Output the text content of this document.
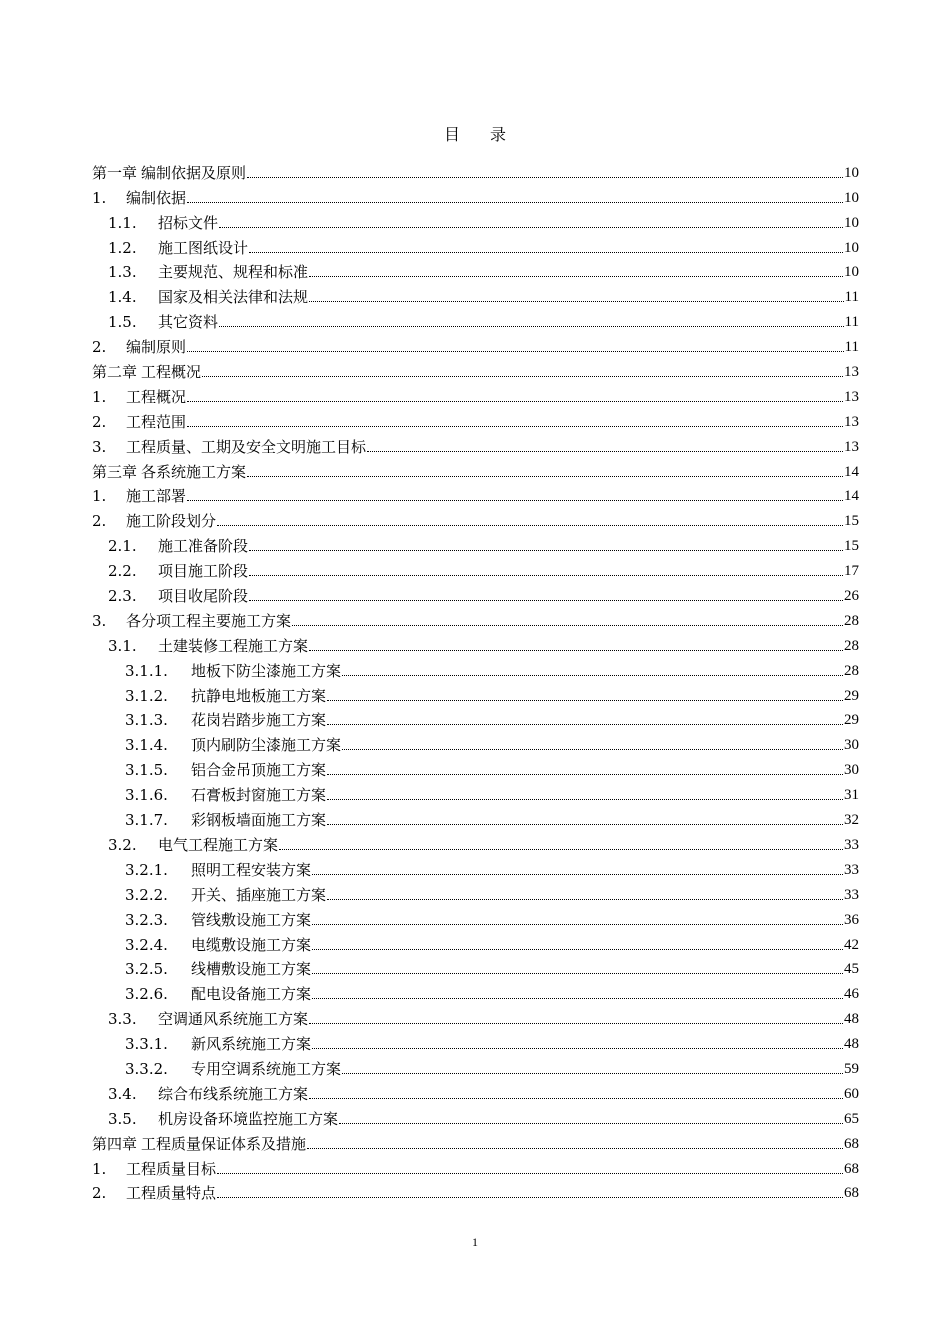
目 录
第一章 编制依据及原则	10
1.	编制依据	10
1.1.	招标文件	10
1.2.	施工图纸设计	10
1.3.	主要规范、规程和标准	10
1.4.	国家及相关法律和法规	11
1.5.	其它资料	11
2.	编制原则	11
第二章 工程概况	13
1.	工程概况	13
2.	工程范围	13
3.	工程质量、工期及安全文明施工目标	13
第三章 各系统施工方案	14
1.	施工部署	14
2.	施工阶段划分	15
2.1.	施工准备阶段	15
2.2.	项目施工阶段	17
2.3.	项目收尾阶段	26
3.	各分项工程主要施工方案	28
3.1.	土建装修工程施工方案	28
3.1.1.	地板下防尘漆施工方案	28
3.1.2.	抗静电地板施工方案	29
3.1.3.	花岗岩踏步施工方案	29
3.1.4.	顶内刷防尘漆施工方案	30
3.1.5.	铝合金吊顶施工方案	30
3.1.6.	石膏板封窗施工方案	31
3.1.7.	彩钢板墙面施工方案	32
3.2.	电气工程施工方案	33
3.2.1.	照明工程安装方案	33
3.2.2.	开关、插座施工方案	33
3.2.3.	管线敷设施工方案	36
3.2.4.	电缆敷设施工方案	42
3.2.5.	线槽敷设施工方案	45
3.2.6.	配电设备施工方案	46
3.3.	空调通风系统施工方案	48
3.3.1.	新风系统施工方案	48
3.3.2.	专用空调系统施工方案	59
3.4.	综合布线系统施工方案	60
3.5.	机房设备环境监控施工方案	65
第四章 工程质量保证体系及措施	68
1.	工程质量目标	68
2.	工程质量特点	68
1
